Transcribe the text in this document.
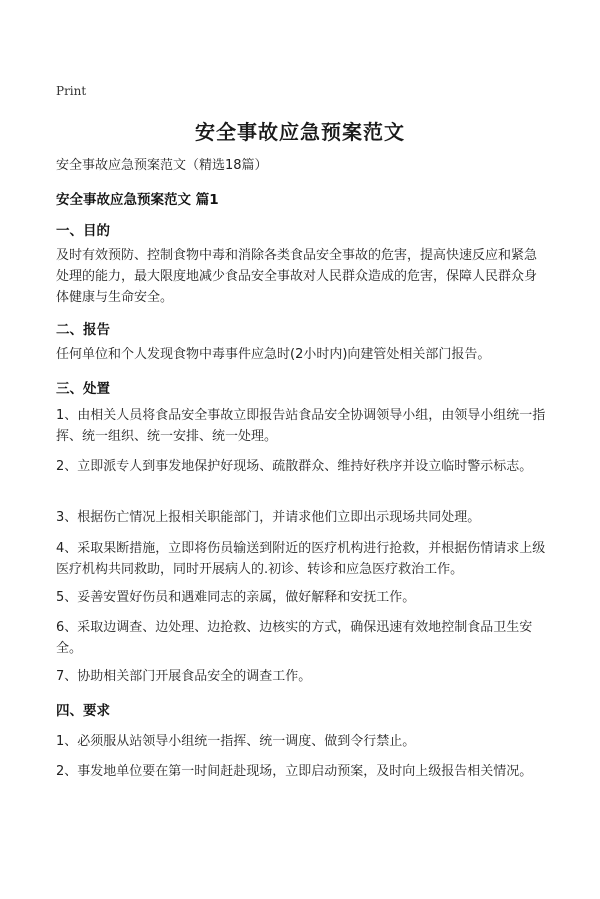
Print
安全事故应急预案范文
安全事故应急预案范文（精选18篇）
安全事故应急预案范文 篇1
一、目的
及时有效预防、控制食物中毒和消除各类食品安全事故的危害，提高快速反应和紧急处理的能力，最大限度地减少食品安全事故对人民群众造成的危害，保障人民群众身体健康与生命安全。
二、报告
任何单位和个人发现食物中毒事件应急时(2小时内)向建管处相关部门报告。
三、处置
1、由相关人员将食品安全事故立即报告站食品安全协调领导小组，由领导小组统一指挥、统一组织、统一安排、统一处理。
2、立即派专人到事发地保护好现场、疏散群众、维持好秩序并设立临时警示标志。
3、根据伤亡情况上报相关职能部门，并请求他们立即出示现场共同处理。
4、采取果断措施，立即将伤员输送到附近的医疗机构进行抢救，并根据伤情请求上级医疗机构共同救助，同时开展病人的.初诊、转诊和应急医疗救治工作。
5、妥善安置好伤员和遇难同志的亲属，做好解释和安抚工作。
6、采取边调查、边处理、边抢救、边核实的方式，确保迅速有效地控制食品卫生安全。
7、协助相关部门开展食品安全的调查工作。
四、要求
1、必须服从站领导小组统一指挥、统一调度、做到令行禁止。
2、事发地单位要在第一时间赶赴现场，立即启动预案，及时向上级报告相关情况。
